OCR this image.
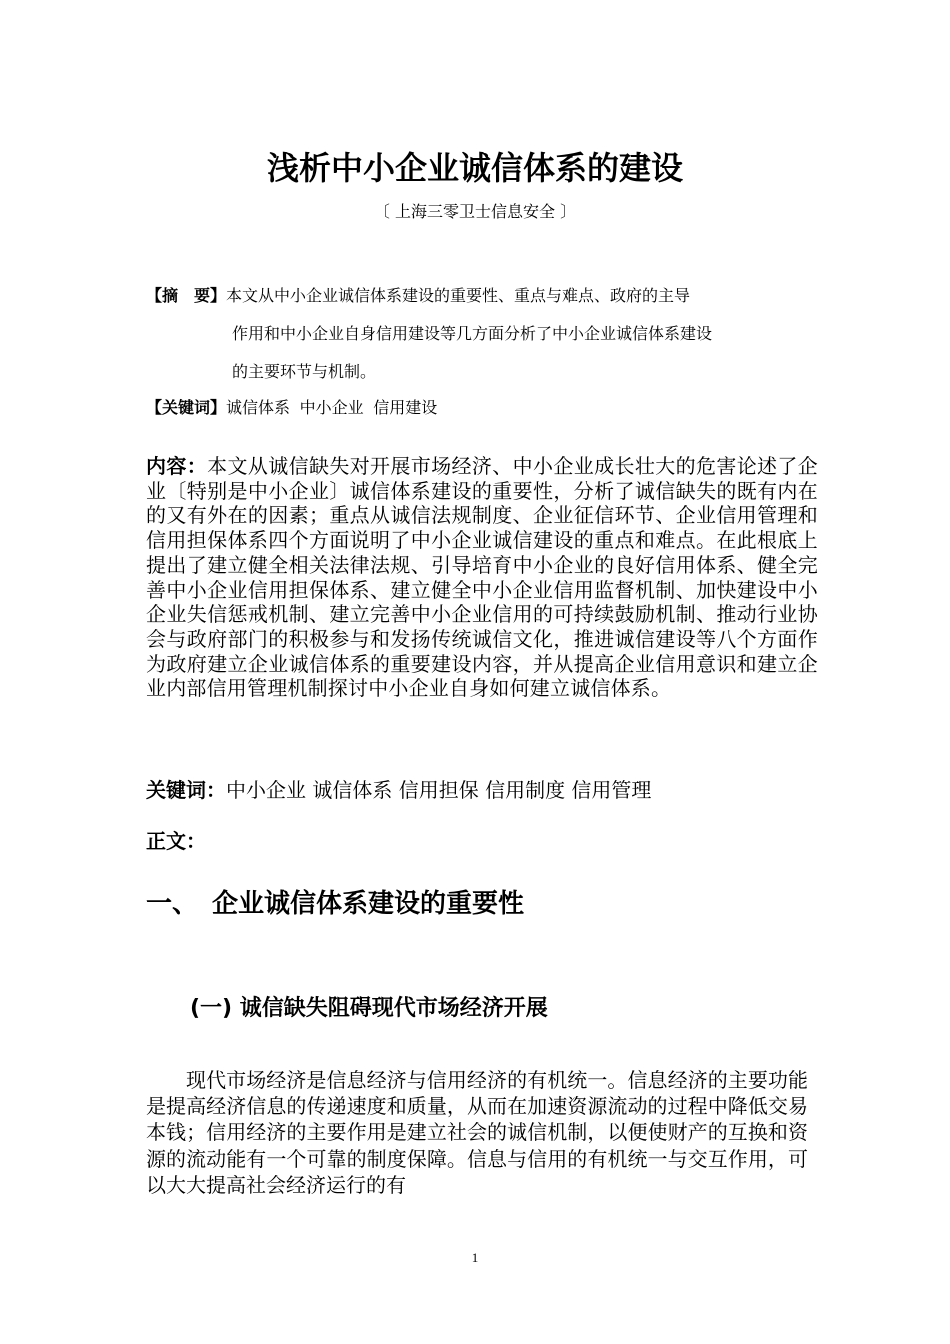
浅析中小企业诚信体系的建设
〔 上海三零卫士信息安全 〕
【摘　要】本文从中小企业诚信体系建设的重要性、重点与难点、政府的主导
作用和中小企业自身信用建设等几方面分析了中小企业诚信体系建设
的主要环节与机制。
【关键词】诚信体系 中小企业 信用建设
内容：本文从诚信缺失对开展市场经济、中小企业成长壮大的危害论述了企业〔特别是中小企业〕诚信体系建设的重要性，分析了诚信缺失的既有内在的又有外在的因素；重点从诚信法规制度、企业征信环节、企业信用管理和信用担保体系四个方面说明了中小企业诚信建设的重点和难点。在此根底上提出了建立健全相关法律法规、引导培育中小企业的良好信用体系、健全完善中小企业信用担保体系、建立健全中小企业信用监督机制、加快建设中小企业失信惩戒机制、建立完善中小企业信用的可持续鼓励机制、推动行业协会与政府部门的积极参与和发扬传统诚信文化，推进诚信建设等八个方面作为政府建立企业诚信体系的重要建设内容，并从提高企业信用意识和建立企业内部信用管理机制探讨中小企业自身如何建立诚信体系。
关键词：中小企业 诚信体系 信用担保 信用制度 信用管理
正文：
一、 企业诚信体系建设的重要性
(一) 诚信缺失阻碍现代市场经济开展
现代市场经济是信息经济与信用经济的有机统一。信息经济的主要功能是提高经济信息的传递速度和质量，从而在加速资源流动的过程中降低交易本钱；信用经济的主要作用是建立社会的诚信机制，以便使财产的互换和资源的流动能有一个可靠的制度保障。信息与信用的有机统一与交互作用，可以大大提高社会经济运行的有
1
